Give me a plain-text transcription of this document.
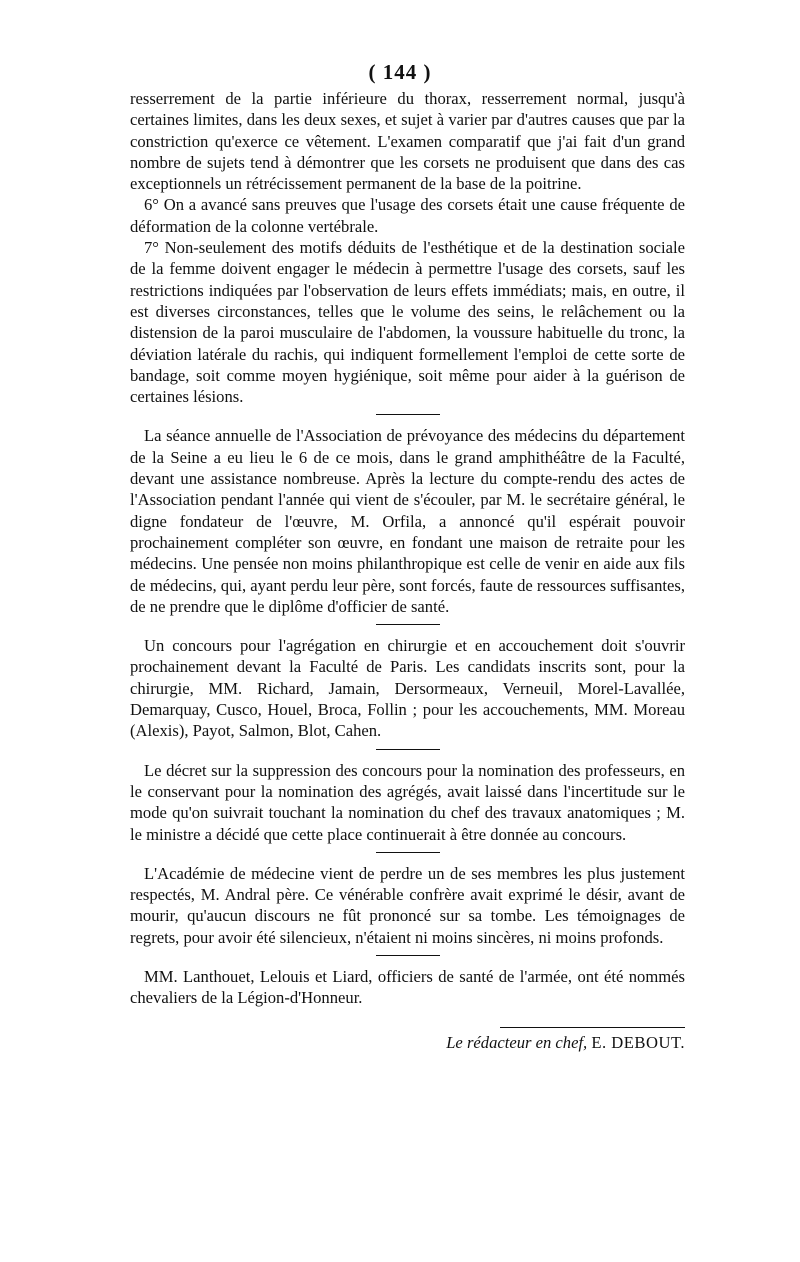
( 144 )

resserrement de la partie inférieure du thorax, resserrement normal, jusqu'à certaines limites, dans les deux sexes, et sujet à varier par d'autres causes que par la constriction qu'exerce ce vêtement. L'examen comparatif que j'ai fait d'un grand nombre de sujets tend à démontrer que les corsets ne produisent que dans des cas exceptionnels un rétrécissement permanent de la base de la poitrine.

6° On a avancé sans preuves que l'usage des corsets était une cause fréquente de déformation de la colonne vertébrale.

7° Non-seulement des motifs déduits de l'esthétique et de la destination sociale de la femme doivent engager le médecin à permettre l'usage des corsets, sauf les restrictions indiquées par l'observation de leurs effets immédiats; mais, en outre, il est diverses circonstances, telles que le volume des seins, le relâchement ou la distension de la paroi musculaire de l'abdomen, la voussure habituelle du tronc, la déviation latérale du rachis, qui indiquent formellement l'emploi de cette sorte de bandage, soit comme moyen hygiénique, soit même pour aider à la guérison de certaines lésions.

La séance annuelle de l'Association de prévoyance des médecins du département de la Seine a eu lieu le 6 de ce mois, dans le grand amphithéâtre de la Faculté, devant une assistance nombreuse. Après la lecture du compte-rendu des actes de l'Association pendant l'année qui vient de s'écouler, par M. le secrétaire général, le digne fondateur de l'œuvre, M. Orfila, a annoncé qu'il espérait pouvoir prochainement compléter son œuvre, en fondant une maison de retraite pour les médecins. Une pensée non moins philanthropique est celle de venir en aide aux fils de médecins, qui, ayant perdu leur père, sont forcés, faute de ressources suffisantes, de ne prendre que le diplôme d'officier de santé.

Un concours pour l'agrégation en chirurgie et en accouchement doit s'ouvrir prochainement devant la Faculté de Paris. Les candidats inscrits sont, pour la chirurgie, MM. Richard, Jamain, Dersormeaux, Verneuil, Morel-Lavallée, Demarquay, Cusco, Houel, Broca, Follin ; pour les accouchements, MM. Moreau (Alexis), Payot, Salmon, Blot, Cahen.

Le décret sur la suppression des concours pour la nomination des professeurs, en le conservant pour la nomination des agrégés, avait laissé dans l'incertitude sur le mode qu'on suivrait touchant la nomination du chef des travaux anatomiques ; M. le ministre a décidé que cette place continuerait à être donnée au concours.

L'Académie de médecine vient de perdre un de ses membres les plus justement respectés, M. Andral père. Ce vénérable confrère avait exprimé le désir, avant de mourir, qu'aucun discours ne fût prononcé sur sa tombe. Les témoignages de regrets, pour avoir été silencieux, n'étaient ni moins sincères, ni moins profonds.

MM. Lanthouet, Lelouis et Liard, officiers de santé de l'armée, ont été nommés chevaliers de la Légion-d'Honneur.

Le rédacteur en chef, E. DEBOUT.
